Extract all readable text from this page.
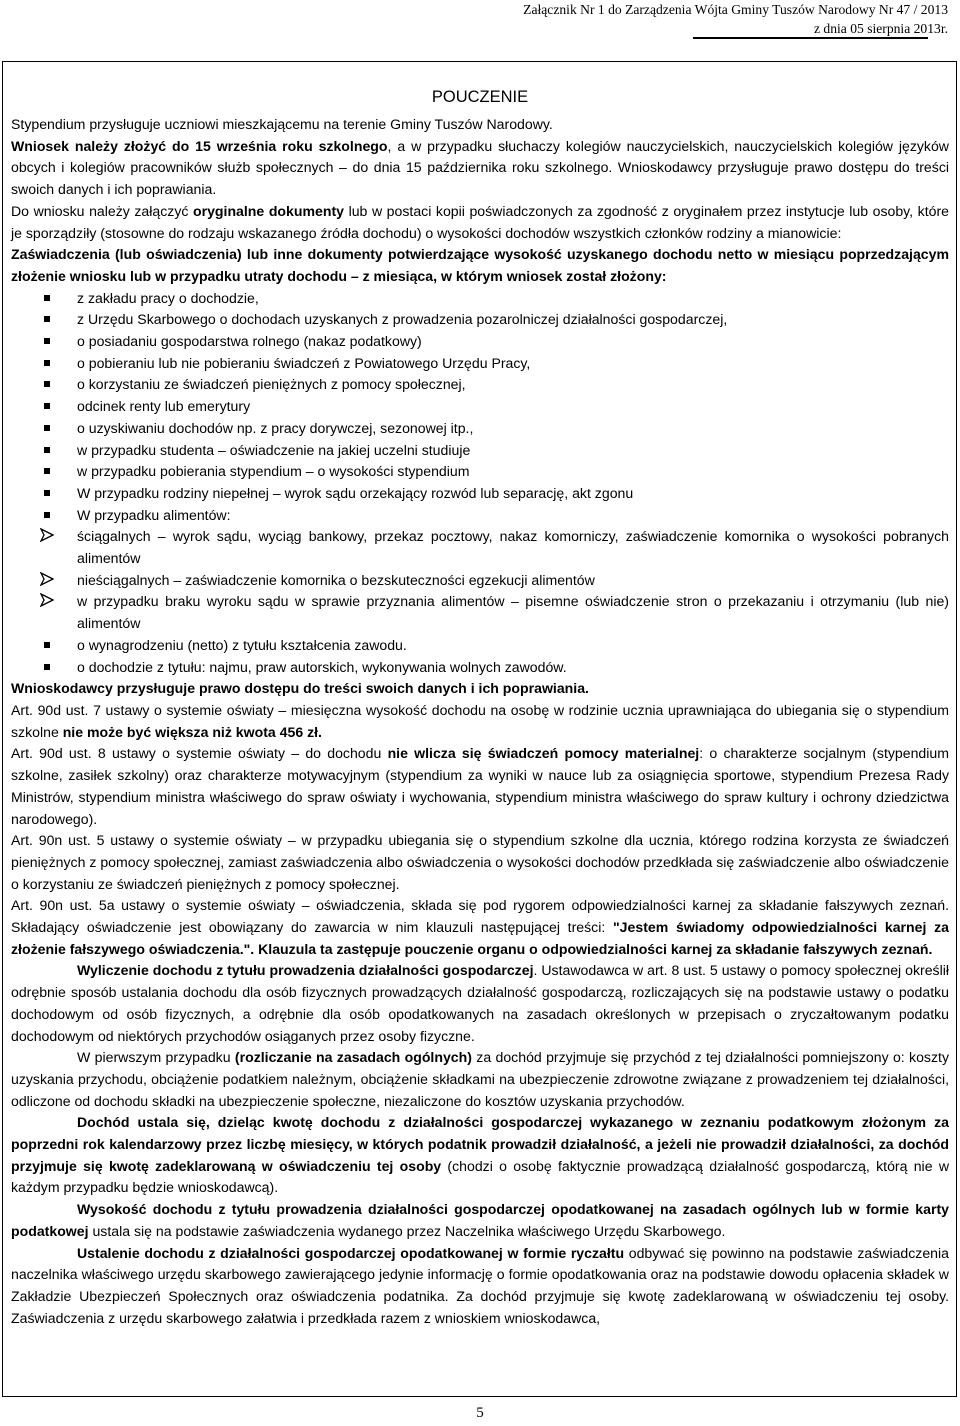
Załącznik Nr 1 do Zarządzenia Wójta Gminy Tuszów Narodowy Nr 47 / 2013
z dnia 05 sierpnia 2013r.
POUCZENIE

Stypendium przysługuje uczniowi mieszkającemu na terenie Gminy Tuszów Narodowy.

Wniosek należy złożyć do 15 września roku szkolnego, a w przypadku słuchaczy kolegiów nauczycielskich, nauczycielskich kolegiów języków obcych i kolegiów pracowników służb społecznych – do dnia 15 października roku szkolnego. Wnioskodawcy przysługuje prawo dostępu do treści swoich danych i ich poprawiania.

Do wniosku należy załączyć oryginalne dokumenty lub w postaci kopii poświadczonych za zgodność z oryginałem przez instytucje lub osoby, które je sporządziły (stosowne do rodzaju wskazanego źródła dochodu) o wysokości dochodów wszystkich członków rodziny a mianowicie:

Zaświadczenia (lub oświadczenia) lub inne dokumenty potwierdzające wysokość uzyskanego dochodu netto w miesiącu poprzedzającym złożenie wniosku lub w przypadku utraty dochodu – z miesiąca, w którym wniosek został złożony:

z zakładu pracy o dochodzie,
z Urzędu Skarbowego o dochodach uzyskanych z prowadzenia pozarolniczej działalności gospodarczej,
o posiadaniu gospodarstwa rolnego (nakaz podatkowy)
o pobieraniu lub nie pobieraniu świadczeń z Powiatowego Urzędu Pracy,
o korzystaniu ze świadczeń pieniężnych z pomocy społecznej,
odcinek renty lub emerytury
o uzyskiwaniu dochodów np. z pracy dorywczej, sezonowej itp.,
w przypadku studenta – oświadczenie na jakiej uczelni studiuje
w przypadku pobierania stypendium – o wysokości stypendium
W przypadku rodziny niepełnej – wyrok sądu orzekający rozwód lub separację, akt zgonu
W przypadku alimentów:
ściągalnych – wyrok sądu, wyciąg bankowy, przekaz pocztowy, nakaz komorniczy, zaświadczenie komornika o wysokości pobranych alimentów
nieściągalnych – zaświadczenie komornika o bezskuteczności egzekucji alimentów
w przypadku braku wyroku sądu w sprawie przyznania alimentów – pisemne oświadczenie stron o przekazaniu i otrzymaniu (lub nie) alimentów
o wynagrodzeniu (netto) z tytułu kształcenia zawodu.
o dochodzie z tytułu: najmu, praw autorskich, wykonywania wolnych zawodów.

Wnioskodawcy przysługuje prawo dostępu do treści swoich danych i ich poprawiania.

Art. 90d ust. 7 ustawy o systemie oświaty – miesięczna wysokość dochodu na osobę w rodzinie ucznia uprawniająca do ubiegania się o stypendium szkolne nie może być większa niż kwota 456 zł.

Art. 90d ust. 8 ustawy o systemie oświaty – do dochodu nie wlicza się świadczeń pomocy materialnej: o charakterze socjalnym (stypendium szkolne, zasiłek szkolny) oraz charakterze motywacyjnym (stypendium za wyniki w nauce lub za osiągnięcia sportowe, stypendium Prezesa Rady Ministrów, stypendium ministra właściwego do spraw oświaty i wychowania, stypendium ministra właściwego do spraw kultury i ochrony dziedzictwa narodowego).

Art. 90n ust. 5 ustawy o systemie oświaty – w przypadku ubiegania się o stypendium szkolne dla ucznia, którego rodzina korzysta ze świadczeń pieniężnych z pomocy społecznej, zamiast zaświadczenia albo oświadczenia o wysokości dochodów przedkłada się zaświadczenie albo oświadczenie o korzystaniu ze świadczeń pieniężnych z pomocy społecznej.

Art. 90n ust. 5a ustawy o systemie oświaty – oświadczenia, składa się pod rygorem odpowiedzialności karnej za składanie fałszywych zeznań. Składający oświadczenie jest obowiązany do zawarcia w nim klauzuli następującej treści: "Jestem świadomy odpowiedzialności karnej za złożenie fałszywego oświadczenia.". Klauzula ta zastępuje pouczenie organu o odpowiedzialności karnej za składanie fałszywych zeznań.

Wyliczenie dochodu z tytułu prowadzenia działalności gospodarczej. Ustawodawca w art. 8 ust. 5 ustawy o pomocy społecznej określił odrębnie sposób ustalania dochodu dla osób fizycznych prowadzących działalność gospodarczą, rozliczających się na podstawie ustawy o podatku dochodowym od osób fizycznych, a odrębnie dla osób opodatkowanych na zasadach określonych w przepisach o zryczałtowanym podatku dochodowym od niektórych przychodów osiąganych przez osoby fizyczne.

W pierwszym przypadku (rozliczanie na zasadach ogólnych) za dochód przyjmuje się przychód z tej działalności pomniejszony o: koszty uzyskania przychodu, obciążenie podatkiem należnym, obciążenie składkami na ubezpieczenie zdrowotne związane z prowadzeniem tej działalności, odliczone od dochodu składki na ubezpieczenie społeczne, niezaliczone do kosztów uzyskania przychodów.

Dochód ustala się, dzieląc kwotę dochodu z działalności gospodarczej wykazanego w zeznaniu podatkowym złożonym za poprzedni rok kalendarzowy przez liczbę miesięcy, w których podatnik prowadził działalność, a jeżeli nie prowadził działalności, za dochód przyjmuje się kwotę zadeklarowaną w oświadczeniu tej osoby (chodzi o osobę faktycznie prowadzącą działalność gospodarczą, którą nie w każdym przypadku będzie wnioskodawcą).

Wysokość dochodu z tytułu prowadzenia działalności gospodarczej opodatkowanej na zasadach ogólnych lub w formie karty podatkowej ustala się na podstawie zaświadczenia wydanego przez Naczelnika właściwego Urzędu Skarbowego.

Ustalenie dochodu z działalności gospodarczej opodatkowanej w formie ryczałtu odbywać się powinno na podstawie zaświadczenia naczelnika właściwego urzędu skarbowego zawierającego jedynie informację o formie opodatkowania oraz na podstawie dowodu opłacenia składek w Zakładzie Ubezpieczeń Społecznych oraz oświadczenia podatnika. Za dochód przyjmuje się kwotę zadeklarowaną w oświadczeniu tej osoby. Zaświadczenia z urzędu skarbowego załatwia i przedkłada razem z wnioskiem wnioskodawca,

5
